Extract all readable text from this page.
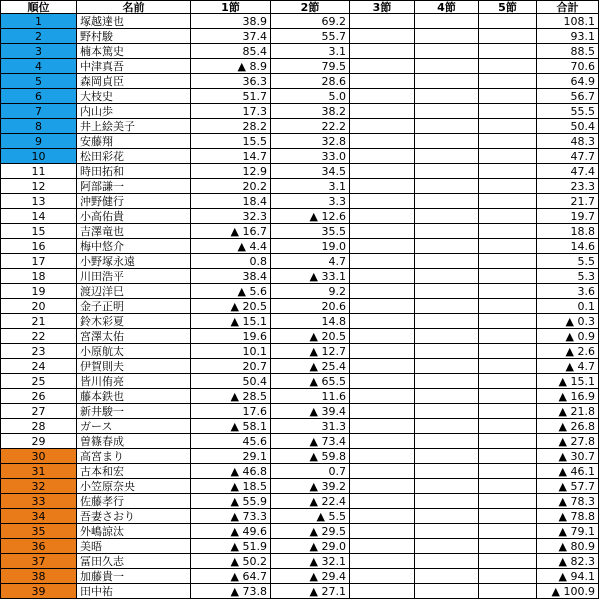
順位	名前	1節	2節	3節	4節	5節	合計
1	塚越達也	38.9	69.2				108.1
2	野村駿	37.4	55.7				93.1
3	楠本篤史	85.4	3.1				88.5
4	中津真吾	▲ 8.9	79.5				70.6
5	森岡貞臣	36.3	28.6				64.9
6	大枝史	51.7	5.0				56.7
7	内山歩	17.3	38.2				55.5
8	井上絵美子	28.2	22.2				50.4
9	安藤翔	15.5	32.8				48.3
10	松田彩花	14.7	33.0				47.7
11	時田拓和	12.9	34.5				47.4
12	阿部謙一	20.2	3.1				23.3
13	沖野健行	18.4	3.3				21.7
14	小高佑貴	32.3	▲ 12.6				19.7
15	吉澤竜也	▲ 16.7	35.5				18.8
16	梅中悠介	▲ 4.4	19.0				14.6
17	小野塚永遠	0.8	4.7				5.5
18	川田浩平	38.4	▲ 33.1				5.3
19	渡辺洋巳	▲ 5.6	9.2				3.6
20	金子正明	▲ 20.5	20.6				0.1
21	鈴木彩夏	▲ 15.1	14.8				▲ 0.3
22	宮澤太佑	19.6	▲ 20.5				▲ 0.9
23	小原航太	10.1	▲ 12.7				▲ 2.6
24	伊賀則夫	20.7	▲ 25.4				▲ 4.7
25	皆川侑亮	50.4	▲ 65.5				▲ 15.1
26	藤本鉄也	▲ 28.5	11.6				▲ 16.9
27	新井駿一	17.6	▲ 39.4				▲ 21.8
28	ガース	▲ 58.1	31.3				▲ 26.8
29	曽篠春成	45.6	▲ 73.4				▲ 27.8
30	高宮まり	29.1	▲ 59.8				▲ 30.7
31	古本和宏	▲ 46.8	0.7				▲ 46.1
32	小笠原奈央	▲ 18.5	▲ 39.2				▲ 57.7
33	佐藤孝行	▲ 55.9	▲ 22.4				▲ 78.3
34	吾妻さおり	▲ 73.3	▲ 5.5				▲ 78.8
35	外嶋諒汰	▲ 49.6	▲ 29.5				▲ 79.1
36	美晤	▲ 51.9	▲ 29.0				▲ 80.9
37	冨田久志	▲ 50.2	▲ 32.1				▲ 82.3
38	加藤貴一	▲ 64.7	▲ 29.4				▲ 94.1
39	田中祐	▲ 73.8	▲ 27.1				▲ 100.9
